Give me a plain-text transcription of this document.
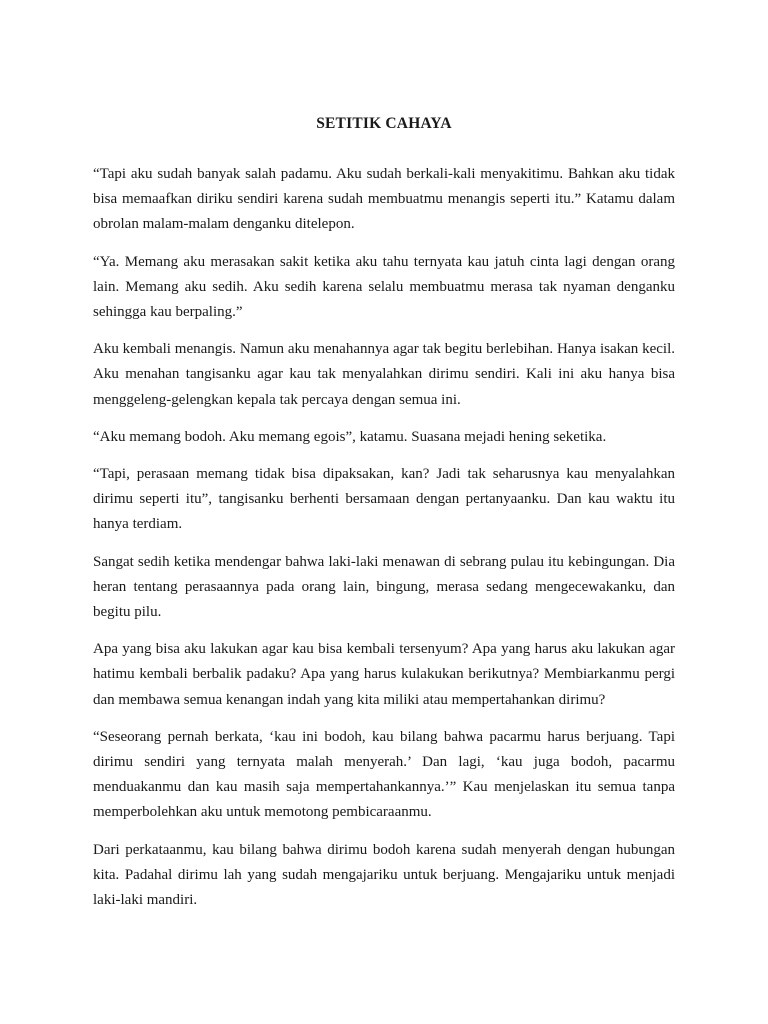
SETITIK CAHAYA

“Tapi aku sudah banyak salah padamu. Aku sudah berkali-kali menyakitimu. Bahkan aku tidak bisa memaafkan diriku sendiri karena sudah membuatmu menangis seperti itu.” Katamu dalam obrolan malam-malam denganku ditelepon.

“Ya. Memang aku merasakan sakit ketika aku tahu ternyata kau jatuh cinta lagi dengan orang lain. Memang aku sedih. Aku sedih karena selalu membuatmu merasa tak nyaman denganku sehingga kau berpaling.”

Aku kembali menangis. Namun aku menahannya agar tak begitu berlebihan. Hanya isakan kecil. Aku menahan tangisanku agar kau tak menyalahkan dirimu sendiri. Kali ini aku hanya bisa menggeleng-gelengkan kepala tak percaya dengan semua ini.

“Aku memang bodoh. Aku memang egois”, katamu. Suasana mejadi hening seketika.

“Tapi, perasaan memang tidak bisa dipaksakan, kan? Jadi tak seharusnya kau menyalahkan dirimu seperti itu”, tangisanku berhenti bersamaan dengan pertanyaanku. Dan kau waktu itu hanya terdiam.

Sangat sedih ketika mendengar bahwa laki-laki menawan di sebrang pulau itu kebingungan. Dia heran tentang perasaannya pada orang lain, bingung, merasa sedang mengecewakanku, dan begitu pilu.

Apa yang bisa aku lakukan agar kau bisa kembali tersenyum? Apa yang harus aku lakukan agar hatimu kembali berbalik padaku? Apa yang harus kulakukan berikutnya? Membiarkanmu pergi dan membawa semua kenangan indah yang kita miliki atau mempertahankan dirimu?

“Seseorang pernah berkata, ‘kau ini bodoh, kau bilang bahwa pacarmu harus berjuang. Tapi dirimu sendiri yang ternyata malah menyerah.’ Dan lagi, ‘kau juga bodoh, pacarmu menduakanmu dan kau masih saja mempertahankannya.’” Kau menjelaskan itu semua tanpa memperbolehkan aku untuk memotong pembicaraanmu.

Dari perkataanmu, kau bilang bahwa dirimu bodoh karena sudah menyerah dengan hubungan kita. Padahal dirimu lah yang sudah mengajariku untuk berjuang. Mengajariku untuk menjadi laki-laki mandiri.
